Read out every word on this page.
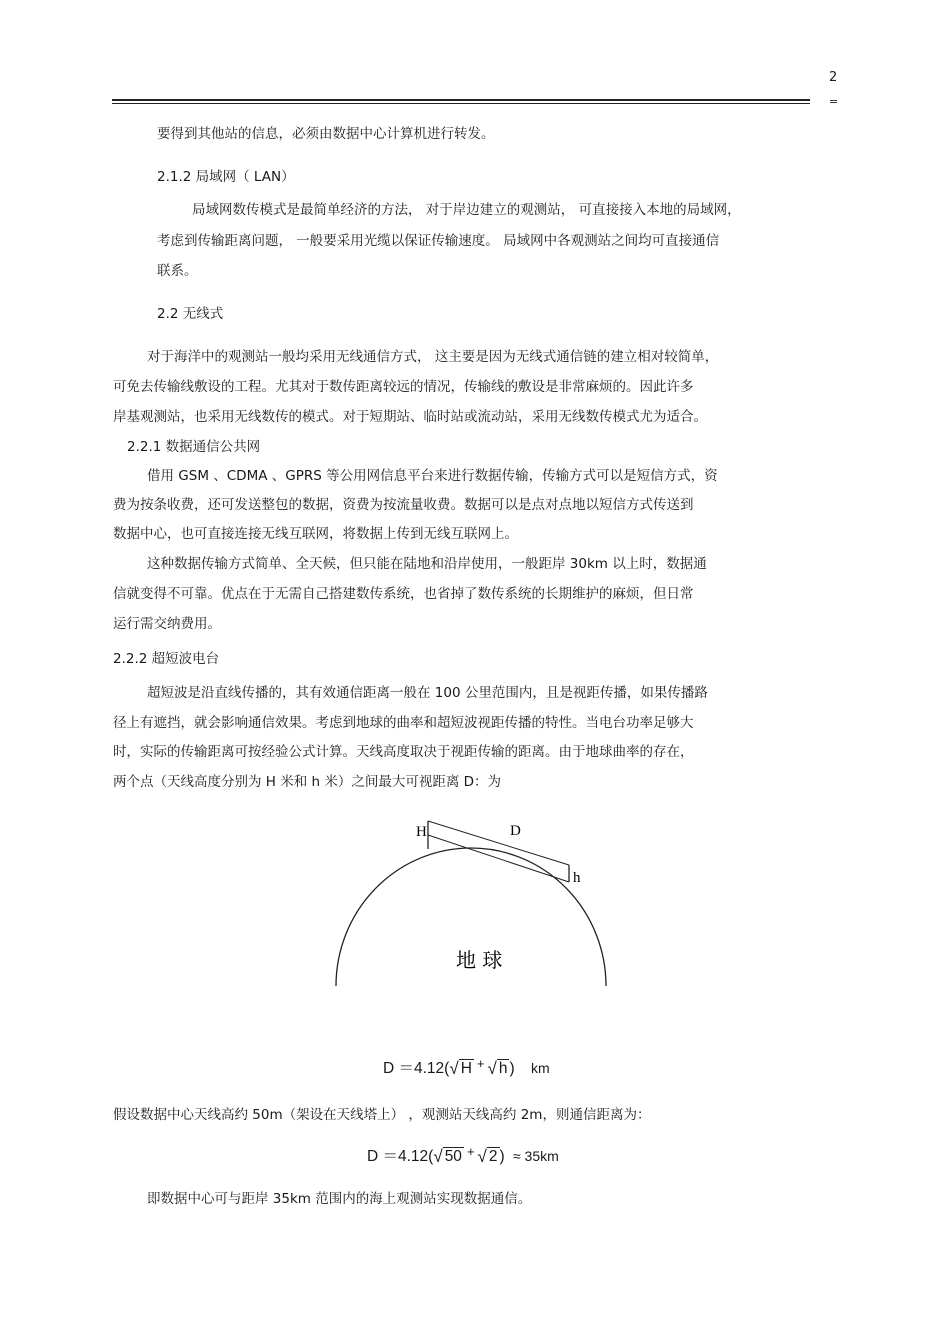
2
=
要得到其他站的信息，必须由数据中心计算机进行转发。
2.1.2 局域网（ LAN）
局域网数传模式是最简单经济的方法， 对于岸边建立的观测站， 可直接接入本地的局域网，
考虑到传输距离问题， 一般要采用光缆以保证传输速度。 局域网中各观测站之间均可直接通信
联系。
2.2 无线式
对于海洋中的观测站一般均采用无线通信方式， 这主要是因为无线式通信链的建立相对较简单，
可免去传输线敷设的工程。尤其对于数传距离较远的情况，传输线的敷设是非常麻烦的。因此许多
岸基观测站，也采用无线数传的模式。对于短期站、临时站或流动站，采用无线数传模式尤为适合。
2.2.1 数据通信公共网
借用 GSM 、CDMA 、GPRS 等公用网信息平台来进行数据传输，传输方式可以是短信方式，资
费为按条收费，还可发送整包的数据，资费为按流量收费。数据可以是点对点地以短信方式传送到
数据中心，也可直接连接无线互联网，将数据上传到无线互联网上。
这种数据传输方式简单、全天候，但只能在陆地和沿岸使用，一般距岸 30km 以上时，数据通
信就变得不可靠。优点在于无需自己搭建数传系统，也省掉了数传系统的长期维护的麻烦，但日常
运行需交纳费用。
2.2.2 超短波电台
超短波是沿直线传播的，其有效通信距离一般在 100 公里范围内，且是视距传播，如果传播路
径上有遮挡，就会影响通信效果。考虑到地球的曲率和超短波视距传播的特性。当电台功率足够大
时，实际的传输距离可按经验公式计算。天线高度取决于视距传输的距离。由于地球曲率的存在，
两个点（天线高度分别为 H 米和 h 米）之间最大可视距离 D：为
H	D
h
地 球
D ＝4.12(√ H + √ h ) km
假设数据中心天线高约 50m（架设在天线塔上） ，观测站天线高约 2m，则通信距离为：
D ＝4.12(√ 50 + √ 2 ) ≈ 35km
即数据中心可与距岸 35km 范围内的海上观测站实现数据通信。
